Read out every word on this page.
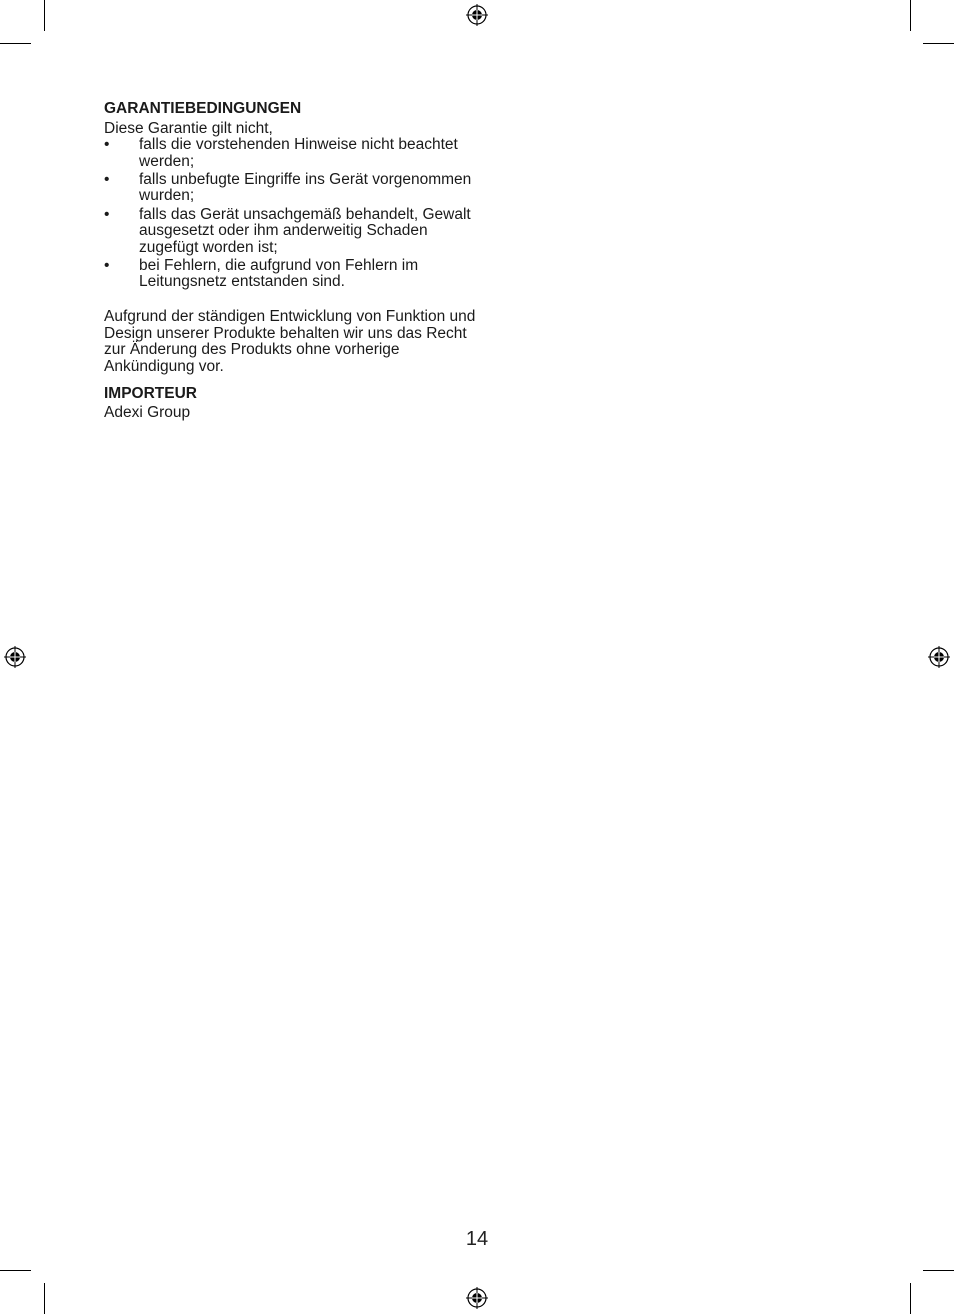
GARANTIEBEDINGUNGEN
Diese Garantie gilt nicht,
• falls die vorstehenden Hinweise nicht beachtet werden;
• falls unbefugte Eingriffe ins Gerät vorgenommen wurden;
• falls das Gerät unsachgemäß behandelt, Gewalt ausgesetzt oder ihm anderweitig Schaden zugefügt worden ist;
• bei Fehlern, die aufgrund von Fehlern im Leitungsnetz entstanden sind.
Aufgrund der ständigen Entwicklung von Funktion und Design unserer Produkte behalten wir uns das Recht zur Änderung des Produkts ohne vorherige Ankündigung vor.
IMPORTEUR
Adexi Group
14
